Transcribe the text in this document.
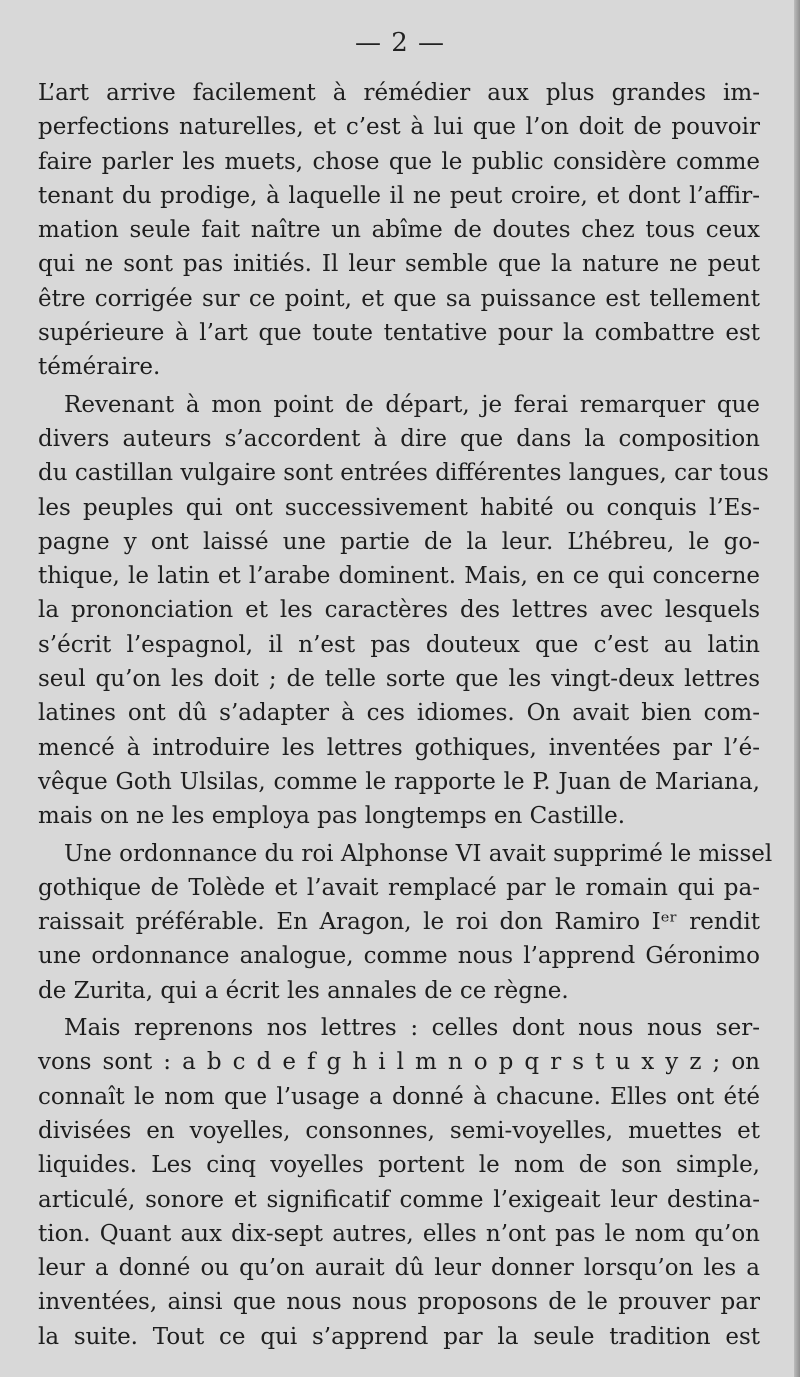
— 2 —
L’art arrive facilement à rémédier aux plus grandes im-
perfections naturelles, et c’est à lui que l’on doit de pouvoir
faire parler les muets, chose que le public considère comme
tenant du prodige, à laquelle il ne peut croire, et dont l’affir-
mation seule fait naître un abîme de doutes chez tous ceux
qui ne sont pas initiés. Il leur semble que la nature ne peut
être corrigée sur ce point, et que sa puissance est tellement
supérieure à l’art que toute tentative pour la combattre est
téméraire.
Revenant à mon point de départ, je ferai remarquer que
divers auteurs s’accordent à dire que dans la composition
du castillan vulgaire sont entrées différentes langues, car tous
les peuples qui ont successivement habité ou conquis l’Es-
pagne y ont laissé une partie de la leur. L’hébreu, le go-
thique, le latin et l’arabe dominent. Mais, en ce qui concerne
la prononciation et les caractères des lettres avec lesquels
s’écrit l’espagnol, il n’est pas douteux que c’est au latin
seul qu’on les doit ; de telle sorte que les vingt-deux lettres
latines ont dû s’adapter à ces idiomes. On avait bien com-
mencé à introduire les lettres gothiques, inventées par l’é-
vêque Goth Ulsilas, comme le rapporte le P. Juan de Mariana,
mais on ne les employa pas longtemps en Castille.
Une ordonnance du roi Alphonse VI avait supprimé le missel
gothique de Tolède et l’avait remplacé par le romain qui pa-
raissait préférable. En Aragon, le roi don Ramiro Iᵉʳ rendit
une ordonnance analogue, comme nous l’apprend Géronimo
de Zurita, qui a écrit les annales de ce règne.
Mais reprenons nos lettres : celles dont nous nous ser-
vons sont : a b c d e f g h i l m n o p q r s t u x y z ; on
connaît le nom que l’usage a donné à chacune. Elles ont été
divisées en voyelles, consonnes, semi-voyelles, muettes et
liquides. Les cinq voyelles portent le nom de son simple,
articulé, sonore et significatif comme l’exigeait leur destina-
tion. Quant aux dix-sept autres, elles n’ont pas le nom qu’on
leur a donné ou qu’on aurait dû leur donner lorsqu’on les a
inventées, ainsi que nous nous proposons de le prouver par
la suite. Tout ce qui s’apprend par la seule tradition est
